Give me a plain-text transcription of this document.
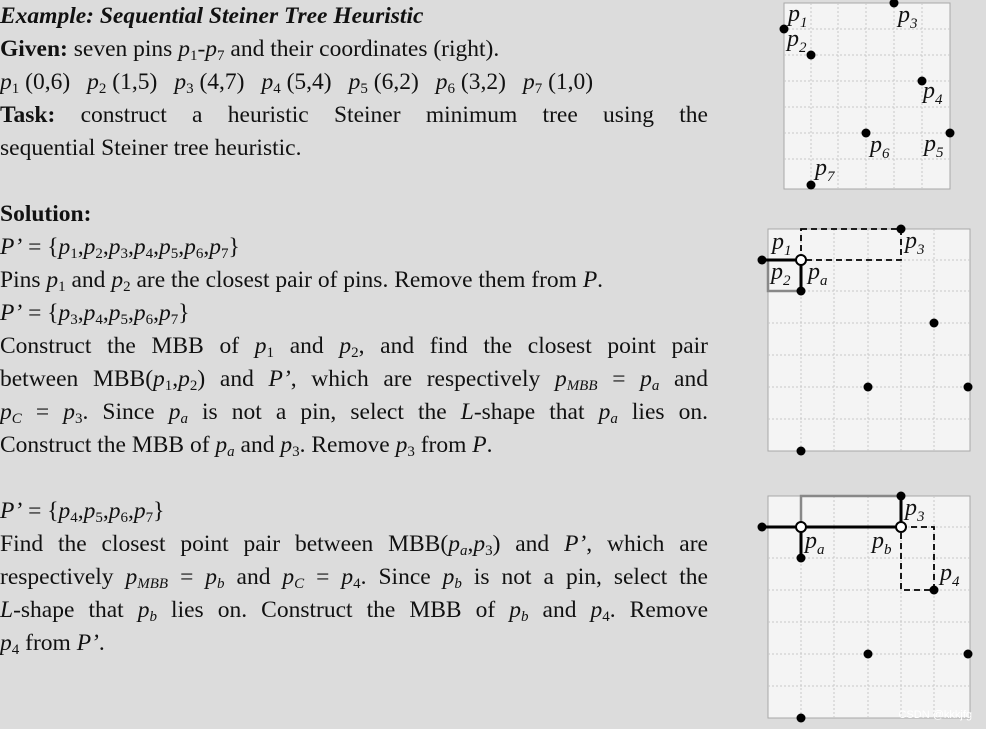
Example: Sequential Steiner Tree Heuristic
Given: seven pins $p_1-p_7$ and their coordinates (right).
$p_1$ (0,6) $p_2$ (1,5) $p_3$ (4,7) $p_4$ (5,4) $p_5$ (6,2) $p_6$ (3,2) $p_7$ (1,0)
Task: construct a heuristic Steiner minimum tree using the
sequential Steiner tree heuristic.
Solution:
P’ = $\{p_1,p_2,p_3,p_4,p_5,p_6,p_7\}$
Pins $p_1$ and $p_2$ are the closest pair of pins. Remove them from P.
P’ = $\{p_3,p_4,p_5,p_6,p_7\}$
Construct the MBB of $p_1$ and $p_2$, and find the closest point pair
between $MBB(p_1,p_2)$ and P’, which are respectively $p_{MBB} = p_a$ and
$p_C = p_3$. Since $p_a$ is not a pin, select the L-shape that $p_a$ lies on.
Construct the MBB of $p_a$ and $p_3$. Remove $p_3$ from P.
P’ = $\{p_4,p_5,p_6,p_7\}$
Find the closest point pair between $MBB(p_a,p_3)$ and P’, which are
respectively $p_{MBB} = p_b$ and $p_C = p_4$. Since $p_b$ is not a pin, select the
L-shape that $p_b$ lies on. Construct the MBB of $p_b$ and $p_4$. Remove
$p_4$ from P’.
$p_1$
$p_2$
$p_3$
$p_4$
$p_5$
$p_6$
$p_7$
$p_1$
$p_2$ $p_a$
$p_3$
$p_a$ $p_b$
$p_3$
$p_4$
CSDN @kkkjfg
